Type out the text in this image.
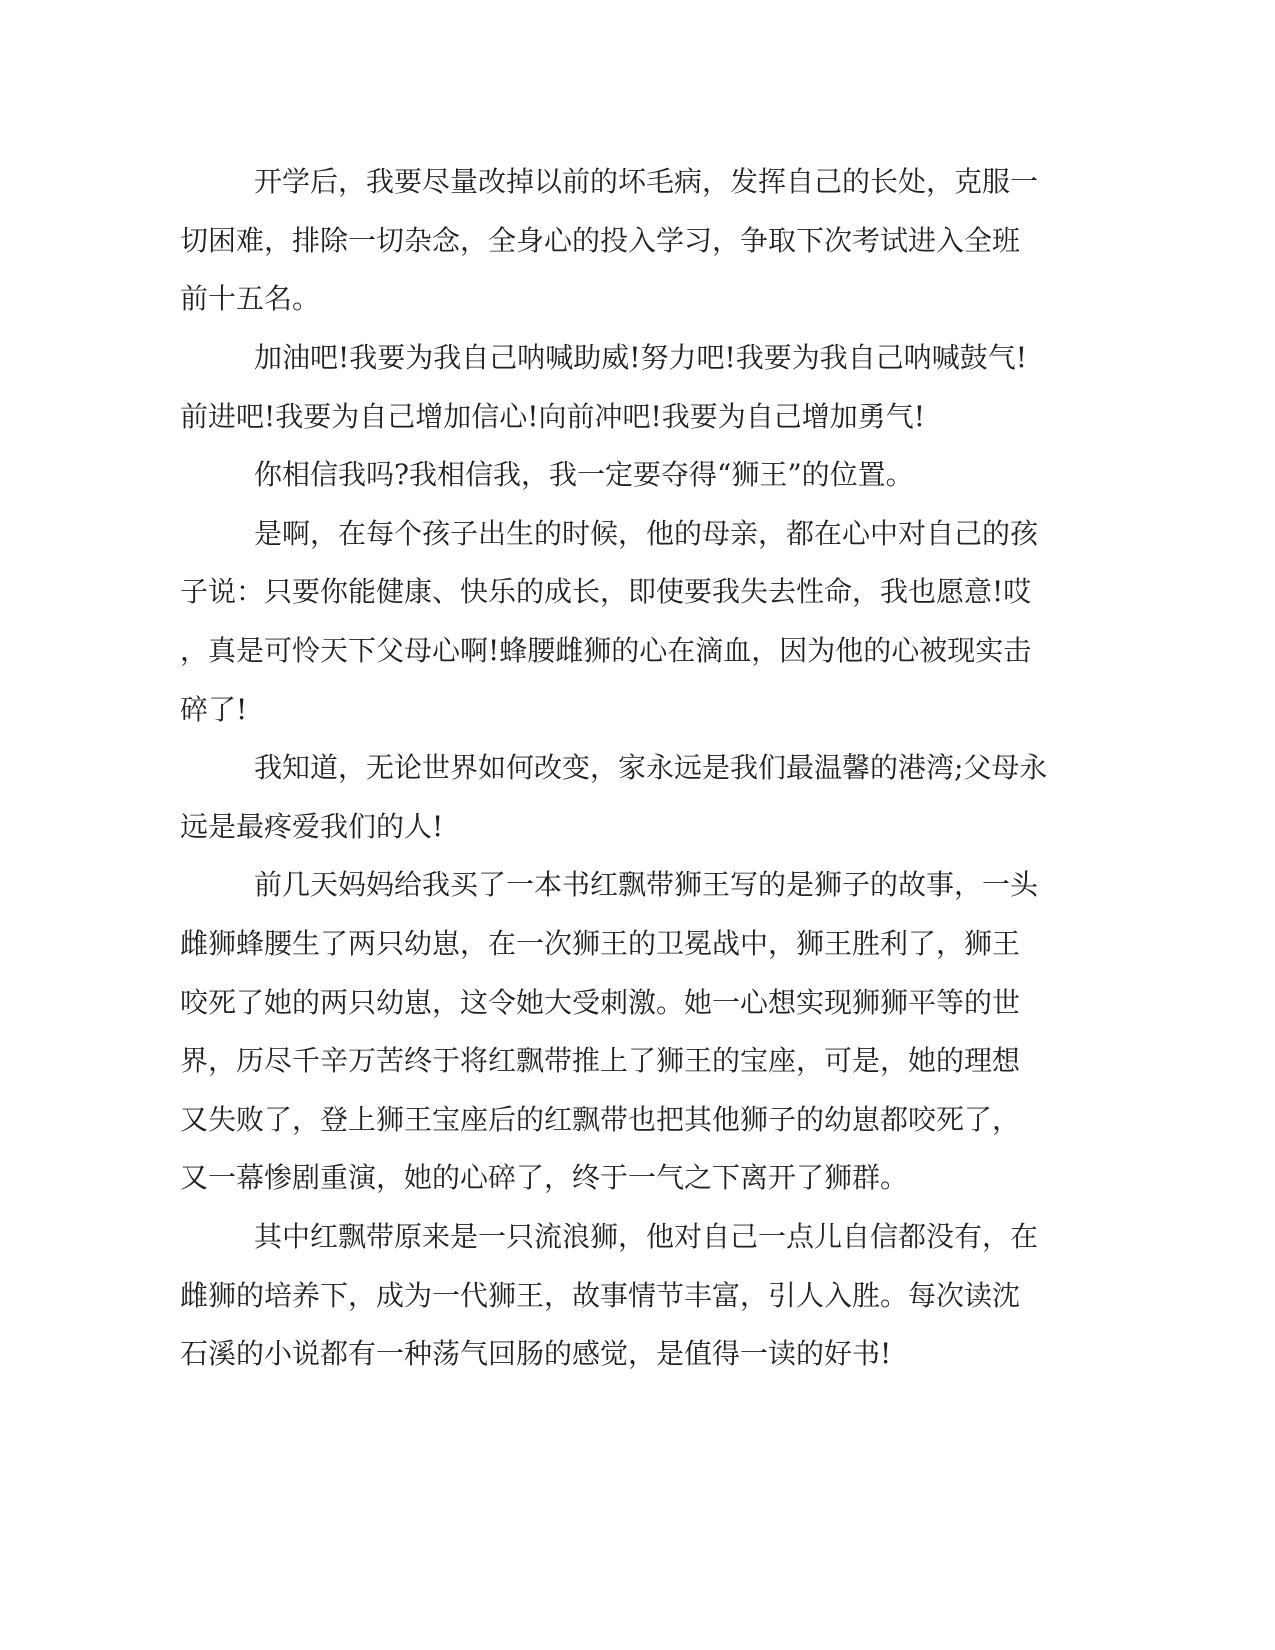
开学后，我要尽量改掉以前的坏毛病，发挥自己的长处，克服一
切困难，排除一切杂念，全身心的投入学习，争取下次考试进入全班
前十五名。
加油吧!我要为我自己呐喊助威!努力吧!我要为我自己呐喊鼓气!
前进吧!我要为自己增加信心!向前冲吧!我要为自己增加勇气!
你相信我吗?我相信我，我一定要夺得“狮王”的位置。
是啊，在每个孩子出生的时候，他的母亲，都在心中对自己的孩
子说：只要你能健康、快乐的成长，即使要我失去性命，我也愿意!哎
，真是可怜天下父母心啊!蜂腰雌狮的心在滴血，因为他的心被现实击
碎了!
我知道，无论世界如何改变，家永远是我们最温馨的港湾;父母永
远是最疼爱我们的人!
前几天妈妈给我买了一本书红飘带狮王写的是狮子的故事，一头
雌狮蜂腰生了两只幼崽，在一次狮王的卫冕战中，狮王胜利了，狮王
咬死了她的两只幼崽，这令她大受刺激。她一心想实现狮狮平等的世
界，历尽千辛万苦终于将红飘带推上了狮王的宝座，可是，她的理想
又失败了，登上狮王宝座后的红飘带也把其他狮子的幼崽都咬死了，
又一幕惨剧重演，她的心碎了，终于一气之下离开了狮群。
其中红飘带原来是一只流浪狮，他对自己一点儿自信都没有，在
雌狮的培养下，成为一代狮王，故事情节丰富，引人入胜。每次读沈
石溪的小说都有一种荡气回肠的感觉，是值得一读的好书!
